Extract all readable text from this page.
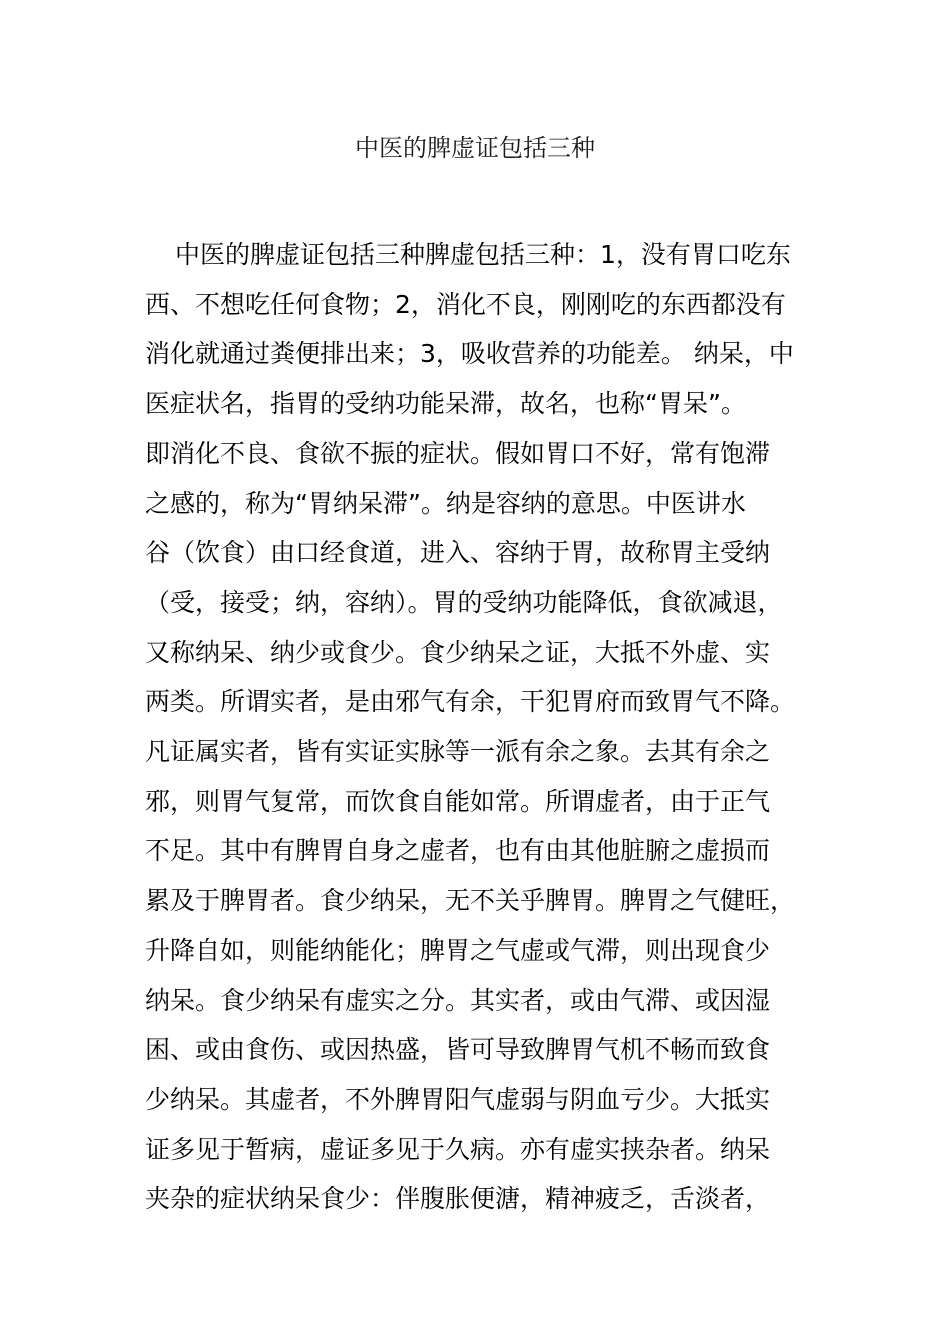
中医的脾虚证包括三种
中医的脾虚证包括三种脾虚包括三种：1，没有胃口吃东
西、不想吃任何食物；2，消化不良，刚刚吃的东西都没有
消化就通过粪便排出来；3，吸收营养的功能差。 纳呆，中
医症状名，指胃的受纳功能呆滞，故名，也称“胃呆”。
即消化不良、食欲不振的症状。假如胃口不好，常有饱滞
之感的，称为“胃纳呆滞”。纳是容纳的意思。中医讲水
谷（饮食）由口经食道，进入、容纳于胃，故称胃主受纳
（受，接受；纳，容纳）。胃的受纳功能降低，食欲减退，
又称纳呆、纳少或食少。食少纳呆之证，大抵不外虚、实
两类。所谓实者，是由邪气有余，干犯胃府而致胃气不降。
凡证属实者，皆有实证实脉等一派有余之象。去其有余之
邪，则胃气复常，而饮食自能如常。所谓虚者，由于正气
不足。其中有脾胃自身之虚者，也有由其他脏腑之虚损而
累及于脾胃者。食少纳呆，无不关乎脾胃。脾胃之气健旺，
升降自如，则能纳能化；脾胃之气虚或气滞，则出现食少
纳呆。食少纳呆有虚实之分。其实者，或由气滞、或因湿
困、或由食伤、或因热盛，皆可导致脾胃气机不畅而致食
少纳呆。其虚者，不外脾胃阳气虚弱与阴血亏少。大抵实
证多见于暂病，虚证多见于久病。亦有虚实挟杂者。纳呆
夹杂的症状纳呆食少：伴腹胀便溏，精神疲乏，舌淡者，
